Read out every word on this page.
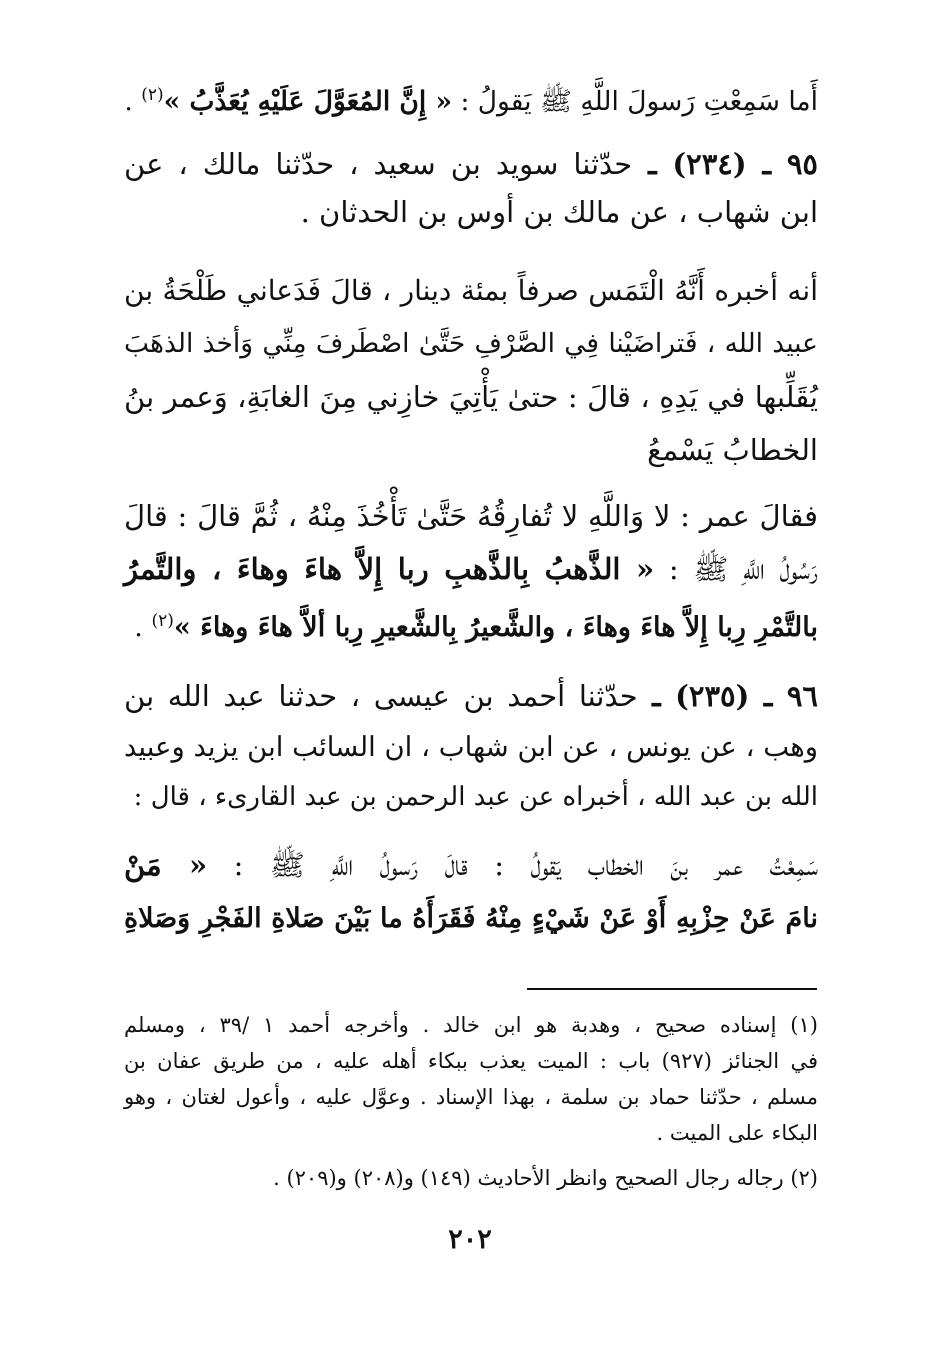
أَما سَمِعْتِ رَسولَ اللَّهِ ﷺ يَقولُ : « إِنَّ المُعَوَّلَ عَلَيْهِ يُعَذَّبُ »$^{(٢)}$ .

٩٥ ـ (٢٣٤) ـ حدّثنا سويد بن سعيد ، حدّثنا مالك ، عن

ابن شهاب ، عن مالك بن أوس بن الحدثان .

أنه أخبره أَنَّهُ الْتَمَس صرفاً بمئة دينار ، قالَ فَدَعاني طَلْحَةُ بن

عبيد الله ، فَتراضَيْنا فِي الصَّرْفِ حَتَّىٰ اصْطَرفَ مِنِّي وَأخذ الذهَبَ

يُقَلِّبها في يَدِهِ ، قالَ : حتىٰ يَأْتِيَ خازِني مِنَ الغابَةِ، وَعمر بنُ

الخطابُ يَسْمعُ

فقالَ عمر : لا وَاللَّهِ لا تُفارِقُهُ حَتَّىٰ تَأْخُذَ مِنْهُ ، ثُمَّ قالَ : قالَ

رَسُولُ اللَّهِ ﷺ : « الذَّهبُ بِالذَّهبِ ربا إِلاَّ هاءَ وهاءَ ، والتَّمرُ

بالتَّمْرِ رِبا إِلاَّ هاءَ وهاءَ ، والشَّعيرُ بِالشَّعيرِ رِبا ألاَّ هاءَ وهاءَ »$^{(٢)}$ .

٩٦ ـ (٢٣٥) ـ حدّثنا أحمد بن عيسى ، حدثنا عبد الله بن

وهب ، عن يونس ، عن ابن شهاب ، ان السائب ابن يزيد وعبيد

الله بن عبد الله ، أخبراه عن عبد الرحمن بن عبد القارىء ، قال :

سَمِعْتُ عمر بنَ الخطاب يَقولُ : قالَ رَسولُ اللَّهِ ﷺ : « مَنْ

نامَ عَنْ حِزْبِهِ أَوْ عَنْ شَيْءٍ مِنْهُ فَقَرَأَهُ ما بَيْنَ صَلاةِ الفَجْرِ وَصَلاةِ

(١) إسناده صحيح ، وهدبة هو ابن خالد . وأخرجه أحمد ١ /٣٩ ، ومسلم

في الجنائز (٩٢٧) باب : الميت يعذب ببكاء أهله عليه ، من طريق عفان بن

مسلم ، حدّثنا حماد بن سلمة ، بهذا الإسناد . وعوَّل عليه ، وأعول لغتان ، وهو

البكاء على الميت .

(٢) رجاله رجال الصحيح وانظر الأحاديث (١٤٩) و(٢٠٨) و(٢٠٩) .

٢٠٢
